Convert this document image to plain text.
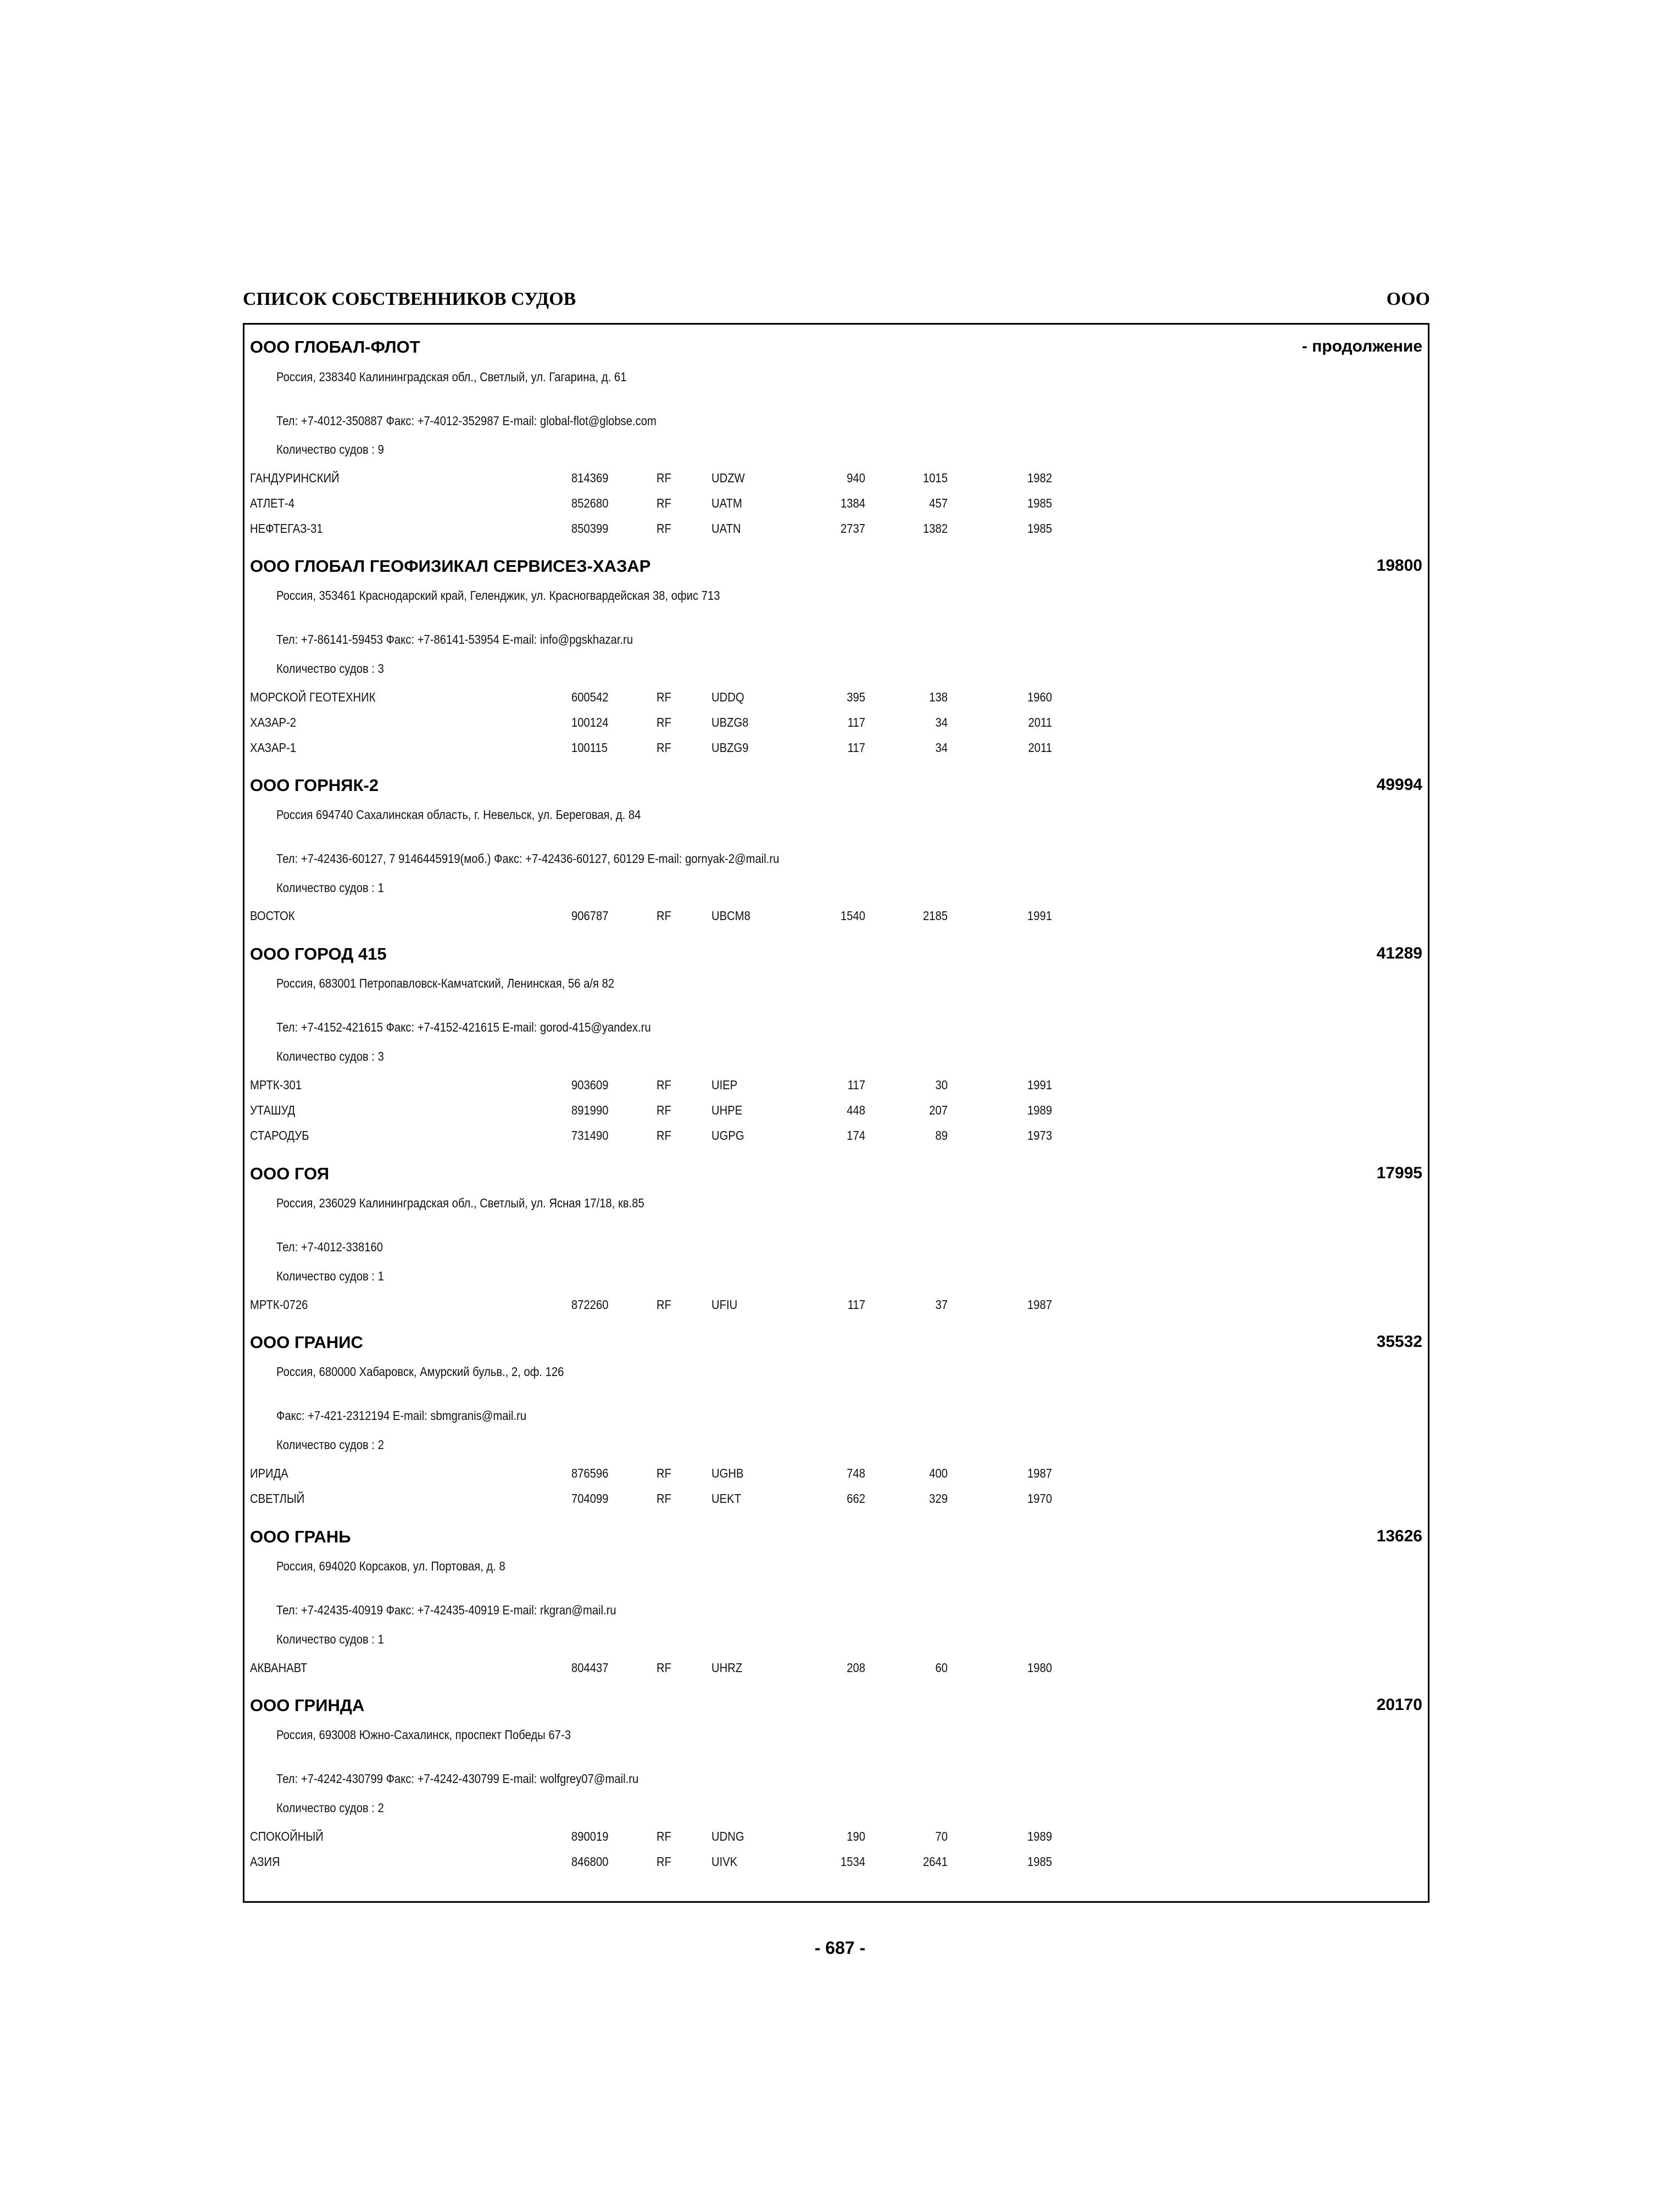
СПИСОК СОБСТВЕННИКОВ СУДОВ	ООО
ООО ГЛОБАЛ-ФЛОТ	- продолжение
Россия, 238340 Калининградская обл., Светлый, ул. Гагарина, д. 61
Тел: +7-4012-350887 Факс: +7-4012-352987 E-mail: global-flot@globse.com
Количество судов : 9
ГАНДУРИНСКИЙ	814369	RF	UDZW	940	1015	1982
АТЛЕТ-4	852680	RF	UATM	1384	457	1985
НЕФТЕГАЗ-31	850399	RF	UATN	2737	1382	1985
ООО ГЛОБАЛ ГЕОФИЗИКАЛ СЕРВИСЕЗ-ХАЗАР	19800
Россия, 353461 Краснодарский край, Геленджик, ул. Красногвардейская 38, офис 713
Тел: +7-86141-59453 Факс: +7-86141-53954 E-mail: info@pgskhazar.ru
Количество судов : 3
МОРСКОЙ ГЕОТЕХНИК	600542	RF	UDDQ	395	138	1960
ХАЗАР-2	100124	RF	UBZG8	117	34	2011
ХАЗАР-1	100115	RF	UBZG9	117	34	2011
ООО ГОРНЯК-2	49994
Россия 694740 Сахалинская область, г. Невельск, ул. Береговая, д. 84
Тел: +7-42436-60127, 7 9146445919(моб.) Факс: +7-42436-60127, 60129 E-mail: gornyak-2@mail.ru
Количество судов : 1
ВОСТОК	906787	RF	UBCM8	1540	2185	1991
ООО ГОРОД 415	41289
Россия, 683001 Петропавловск-Камчатский, Ленинская, 56 а/я 82
Тел: +7-4152-421615 Факс: +7-4152-421615 E-mail: gorod-415@yandex.ru
Количество судов : 3
МРТК-301	903609	RF	UIEP	117	30	1991
УТАШУД	891990	RF	UHPE	448	207	1989
СТАРОДУБ	731490	RF	UGPG	174	89	1973
ООО ГОЯ	17995
Россия, 236029 Калининградская обл., Светлый, ул. Ясная 17/18, кв.85
Тел: +7-4012-338160
Количество судов : 1
МРТК-0726	872260	RF	UFIU	117	37	1987
ООО ГРАНИС	35532
Россия, 680000 Хабаровск, Амурский бульв., 2, оф. 126
Факс: +7-421-2312194 E-mail: sbmgranis@mail.ru
Количество судов : 2
ИРИДА	876596	RF	UGHB	748	400	1987
СВЕТЛЫЙ	704099	RF	UEKT	662	329	1970
ООО ГРАНЬ	13626
Россия, 694020 Корсаков, ул. Портовая, д. 8
Тел: +7-42435-40919 Факс: +7-42435-40919 E-mail: rkgran@mail.ru
Количество судов : 1
АКВАНАВТ	804437	RF	UHRZ	208	60	1980
ООО ГРИНДА	20170
Россия, 693008 Южно-Сахалинск, проспект Победы 67-3
Тел: +7-4242-430799 Факс: +7-4242-430799 E-mail: wolfgrey07@mail.ru
Количество судов : 2
СПОКОЙНЫЙ	890019	RF	UDNG	190	70	1989
АЗИЯ	846800	RF	UIVK	1534	2641	1985
- 687 -
